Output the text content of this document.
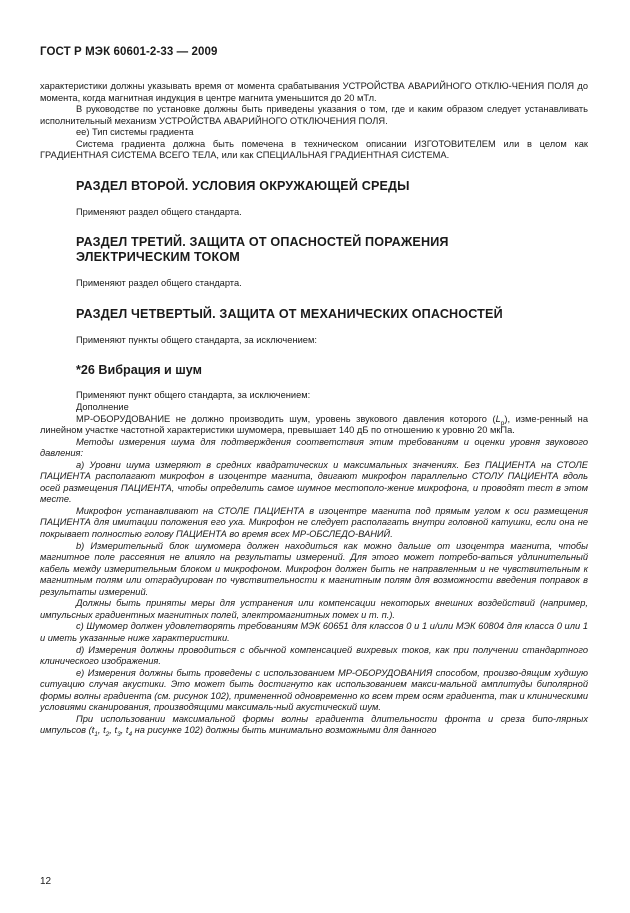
ГОСТ Р МЭК 60601-2-33 — 2009

характеристики должны указывать время от момента срабатывания УСТРОЙСТВА АВАРИЙНОГО ОТКЛЮ-ЧЕНИЯ ПОЛЯ до момента, когда магнитная индукция в центре магнита уменьшится до 20 мТл.

В руководстве по установке должны быть приведены указания о том, где и каким образом следует устанавливать исполнительный механизм УСТРОЙСТВА АВАРИЙНОГО ОТКЛЮЧЕНИЯ ПОЛЯ.

ee) Тип системы градиента

Система градиента должна быть помечена в техническом описании ИЗГОТОВИТЕЛЕМ или в целом как ГРАДИЕНТНАЯ СИСТЕМА ВСЕГО ТЕЛА, или как СПЕЦИАЛЬНАЯ ГРАДИЕНТНАЯ СИСТЕМА.

РАЗДЕЛ ВТОРОЙ. УСЛОВИЯ ОКРУЖАЮЩЕЙ СРЕДЫ

Применяют раздел общего стандарта.

РАЗДЕЛ ТРЕТИЙ. ЗАЩИТА ОТ ОПАСНОСТЕЙ ПОРАЖЕНИЯ
ЭЛЕКТРИЧЕСКИМ ТОКОМ

Применяют раздел общего стандарта.

РАЗДЕЛ ЧЕТВЕРТЫЙ. ЗАЩИТА ОТ МЕХАНИЧЕСКИХ ОПАСНОСТЕЙ

Применяют пункты общего стандарта, за исключением:

*26 Вибрация и шум

Применяют пункт общего стандарта, за исключением:

Дополнение

МР-ОБОРУДОВАНИЕ не должно производить шум, уровень звукового давления которого $(L_p)$, изме-ренный на линейном участке частотной характеристики шумомера, превышает 140 дБ по отношению к уровню 20 мкПа.

Методы измерения шума для подтверждения соответствия этим требованиям и оценки уровня звукового давления:

a) Уровни шума измеряют в средних квадратических и максимальных значениях. Без ПАЦИЕНТА на СТОЛЕ ПАЦИЕНТА располагают микрофон в изоцентре магнита, двигают микрофон параллельно СТОЛУ ПАЦИЕНТА вдоль осей размещения ПАЦИЕНТА, чтобы определить самое шумное местополо-жение микрофона, и проводят тест в этом месте.

Микрофон устанавливают на СТОЛЕ ПАЦИЕНТА в изоцентре магнита под прямым углом к оси размещения ПАЦИЕНТА для имитации положения его уха. Микрофон не следует располагать внутри головной катушки, если она не покрывает полностью голову ПАЦИЕНТА во время всех МР-ОБСЛЕДО-ВАНИЙ.

b) Измерительный блок шумомера должен находиться как можно дальше от изоцентра магнита, чтобы магнитное поле рассеяния не влияло на результаты измерений. Для этого может потребо-ваться удлинительный кабель между измерительным блоком и микрофоном. Микрофон должен быть не направленным и не чувствительным к магнитным полям или отградуирован по чувствительности к магнитным полям для возможности введения поправок в результаты измерений.

Должны быть приняты меры для устранения или компенсации некоторых внешних воздействий (например, импульсных градиентных магнитных полей, электромагнитных помех и т. п.).

c) Шумомер должен удовлетворять требованиям МЭК 60651 для классов 0 и 1 и/или МЭК 60804 для класса 0 или 1 и иметь указанные ниже характеристики.

d) Измерения должны проводиться с обычной компенсацией вихревых токов, как при получении стандартного клинического изображения.

e) Измерения должны быть проведены с использованием МР-ОБОРУДОВАНИЯ способом, произво-дящим худшую ситуацию случая акустики. Это может быть достигнуто как использованием макси-мальной амплитуды биполярной формы волны градиента (см. рисунок 102), примененной одновременно ко всем трем осям градиента, так и клиническими условиями сканирования, производящими максималь-ный акустический шум.

При использовании максимальной формы волны градиента длительности фронта и среза бипо-лярных импульсов ($t_1$, $t_2$, $t_3$, $t_4$ на рисунке 102) должны быть минимально возможными для данного

12
